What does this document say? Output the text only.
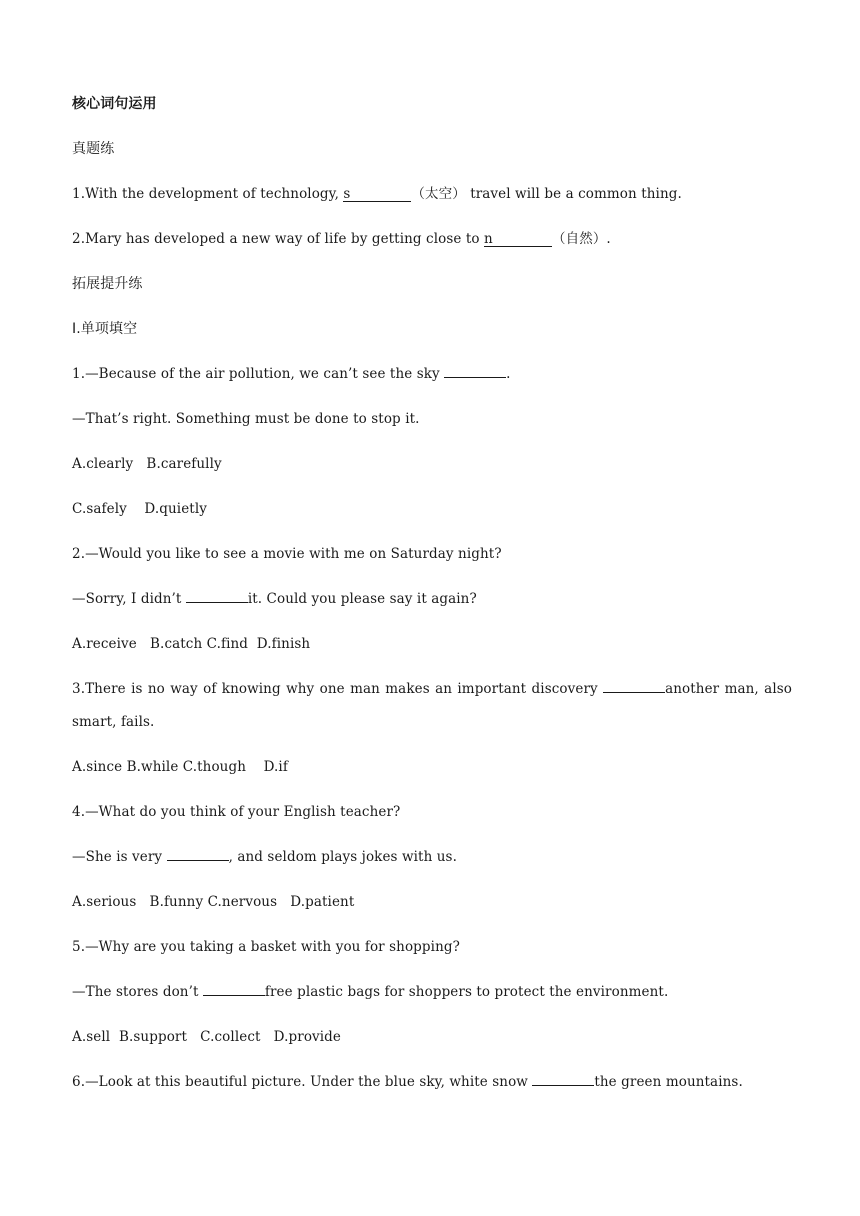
核心词句运用
真题练
1.With the development of technology, s	（太空） travel will be a common thing.
2.Mary has developed a new way of life by getting close to n	（自然）.
拓展提升练
Ⅰ.单项填空
1.—Because of the air pollution, we can’t see the sky	.
—That’s right. Something must be done to stop it.
A.clearly   B.carefully
C.safely    D.quietly
2.—Would you like to see a movie with me on Saturday night?
—Sorry, I didn’t	it. Could you please say it again?
A.receive   B.catch C.find  D.finish
3.There is no way of knowing why one man makes an important discovery	another man, also smart, fails.
A.since B.while C.though    D.if
4.—What do you think of your English teacher?
—She is very	, and seldom plays jokes with us.
A.serious   B.funny C.nervous   D.patient
5.—Why are you taking a basket with you for shopping?
—The stores don’t	free plastic bags for shoppers to protect the environment.
A.sell  B.support   C.collect   D.provide
6.—Look at this beautiful picture. Under the blue sky, white snow	the green mountains.
